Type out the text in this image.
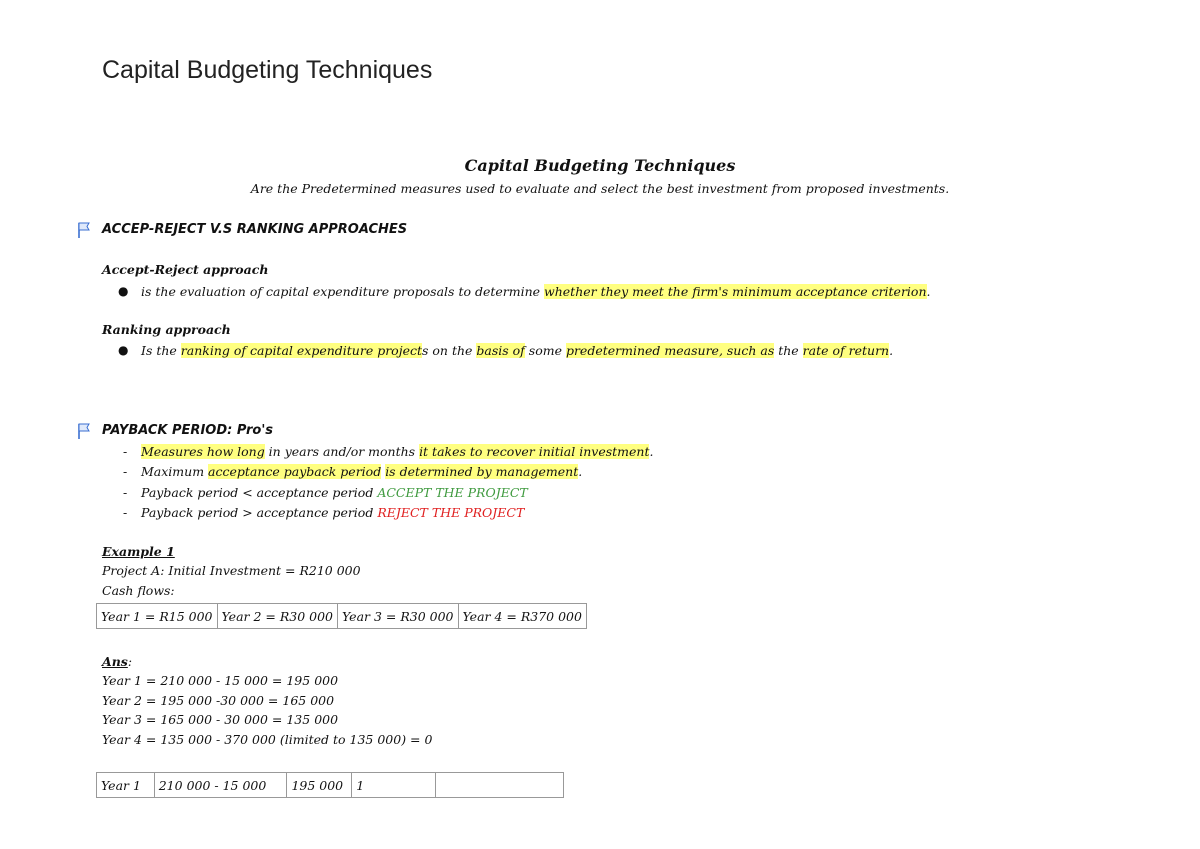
Capital Budgeting Techniques
Capital Budgeting Techniques
Are the Predetermined measures used to evaluate and select the best investment from proposed investments.
ACCEP-REJECT V.S RANKING APPROACHES
Accept-Reject approach
● is the evaluation of capital expenditure proposals to determine whether they meet the firm's minimum acceptance criterion.
Ranking approach
● Is the ranking of capital expenditure projects on the basis of some predetermined measure, such as the rate of return.
PAYBACK PERIOD: Pro's
- Measures how long in years and/or months it takes to recover initial investment.
- Maximum acceptance payback period is determined by management.
- Payback period < acceptance period ACCEPT THE PROJECT
- Payback period > acceptance period REJECT THE PROJECT
Example 1
Project A: Initial Investment = R210 000
Cash flows:
Year 1 = R15 000	Year 2 = R30 000	Year 3 = R30 000	Year 4 = R370 000
Ans:
Year 1 = 210 000 - 15 000 = 195 000
Year 2 = 195 000 -30 000 = 165 000
Year 3 = 165 000 - 30 000 = 135 000
Year 4 = 135 000 - 370 000 (limited to 135 000) = 0
Year 1	210 000 - 15 000	195 000	1	
